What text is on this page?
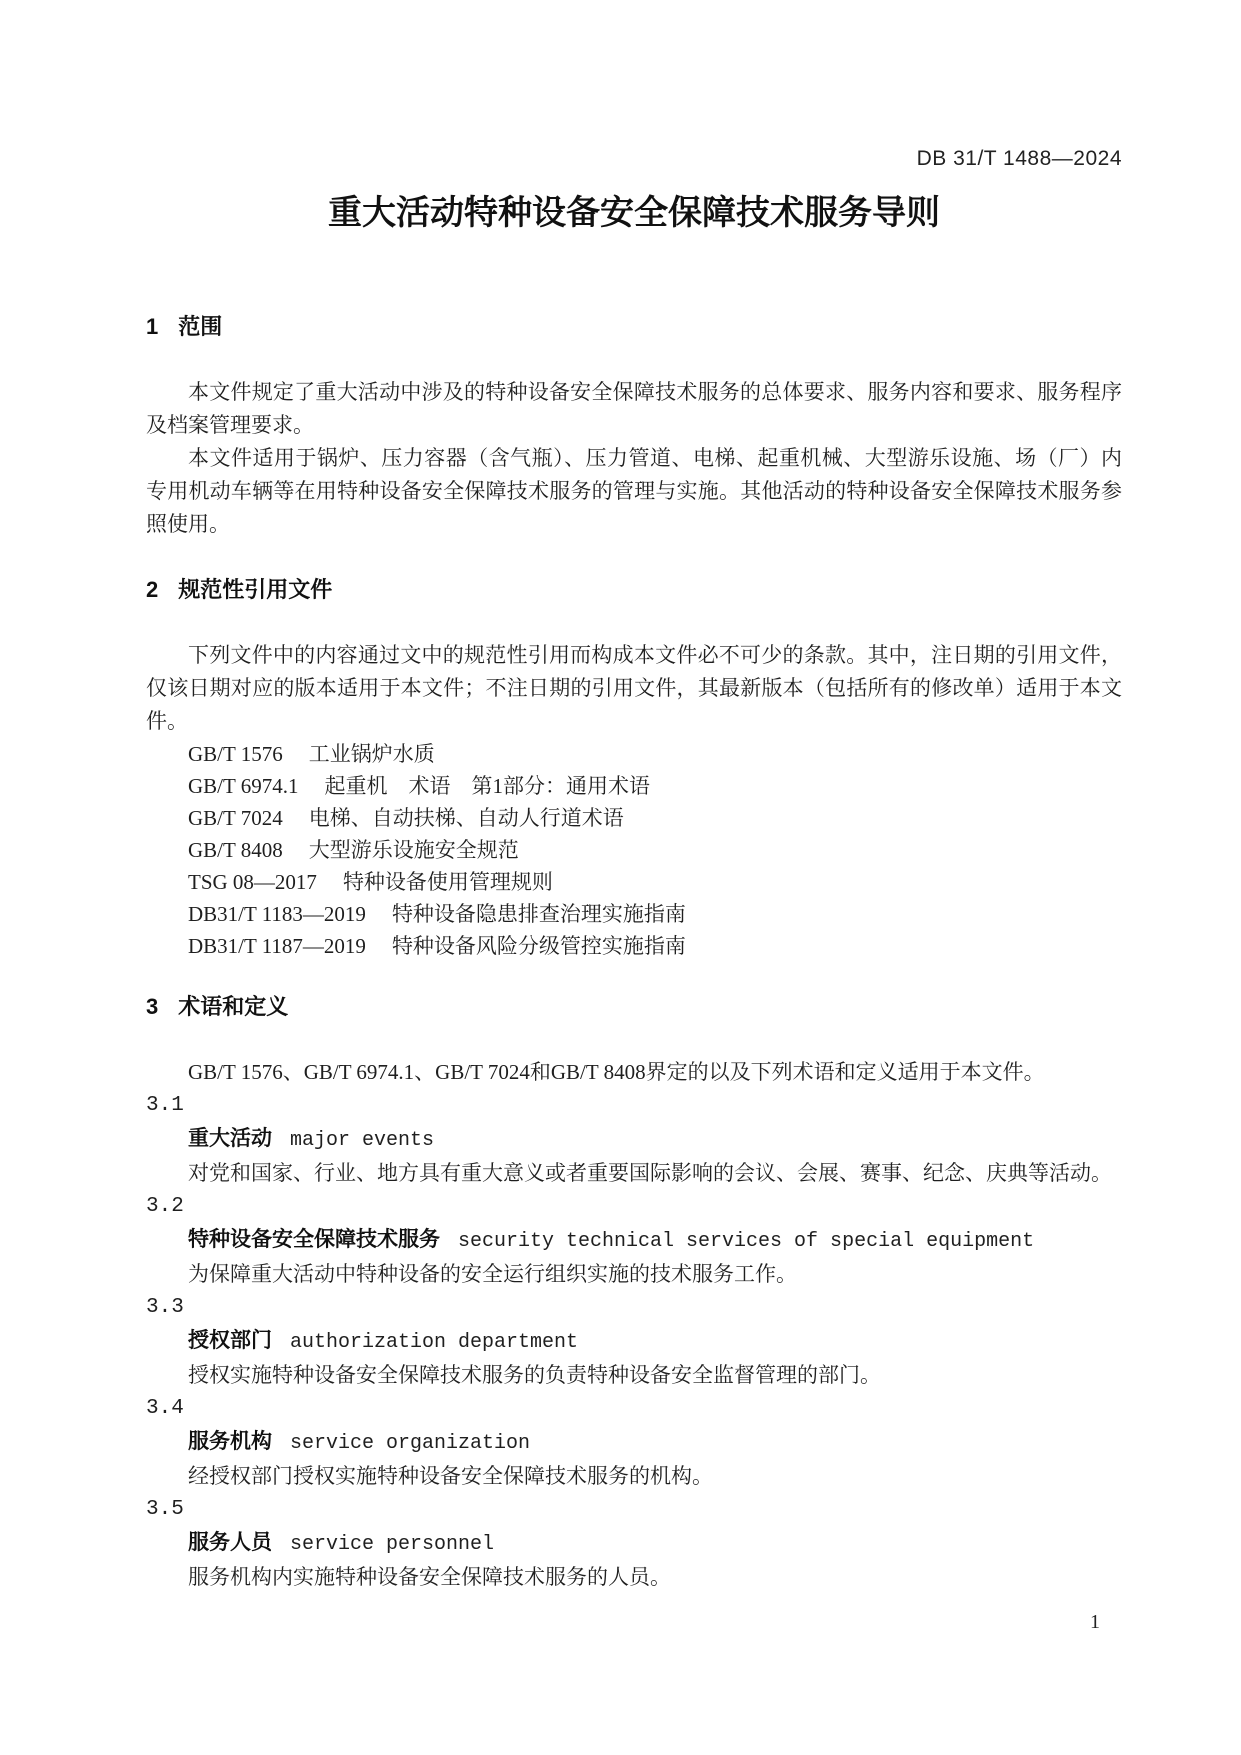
DB 31/T 1488—2024
重大活动特种设备安全保障技术服务导则
1 范围

本文件规定了重大活动中涉及的特种设备安全保障技术服务的总体要求、服务内容和要求、服务程序及档案管理要求。

本文件适用于锅炉、压力容器（含气瓶）、压力管道、电梯、起重机械、大型游乐设施、场（厂）内专用机动车辆等在用特种设备安全保障技术服务的管理与实施。其他活动的特种设备安全保障技术服务参照使用。

2 规范性引用文件

下列文件中的内容通过文中的规范性引用而构成本文件必不可少的条款。其中，注日期的引用文件，仅该日期对应的版本适用于本文件；不注日期的引用文件，其最新版本（包括所有的修改单）适用于本文件。

GB/T 1576 工业锅炉水质
GB/T 6974.1 起重机　术语　第1部分：通用术语
GB/T 7024 电梯、自动扶梯、自动人行道术语
GB/T 8408 大型游乐设施安全规范
TSG 08—2017 特种设备使用管理规则
DB31/T 1183—2019 特种设备隐患排查治理实施指南
DB31/T 1187—2019 特种设备风险分级管控实施指南
3 术语和定义

GB/T 1576、GB/T 6974.1、GB/T 7024和GB/T 8408界定的以及下列术语和定义适用于本文件。

3.1
重大活动 major events
对党和国家、行业、地方具有重大意义或者重要国际影响的会议、会展、赛事、纪念、庆典等活动。
3.2
特种设备安全保障技术服务 security technical services of special equipment
为保障重大活动中特种设备的安全运行组织实施的技术服务工作。
3.3
授权部门 authorization department
授权实施特种设备安全保障技术服务的负责特种设备安全监督管理的部门。
3.4
服务机构 service organization
经授权部门授权实施特种设备安全保障技术服务的机构。
3.5
服务人员 service personnel
服务机构内实施特种设备安全保障技术服务的人员。
1
